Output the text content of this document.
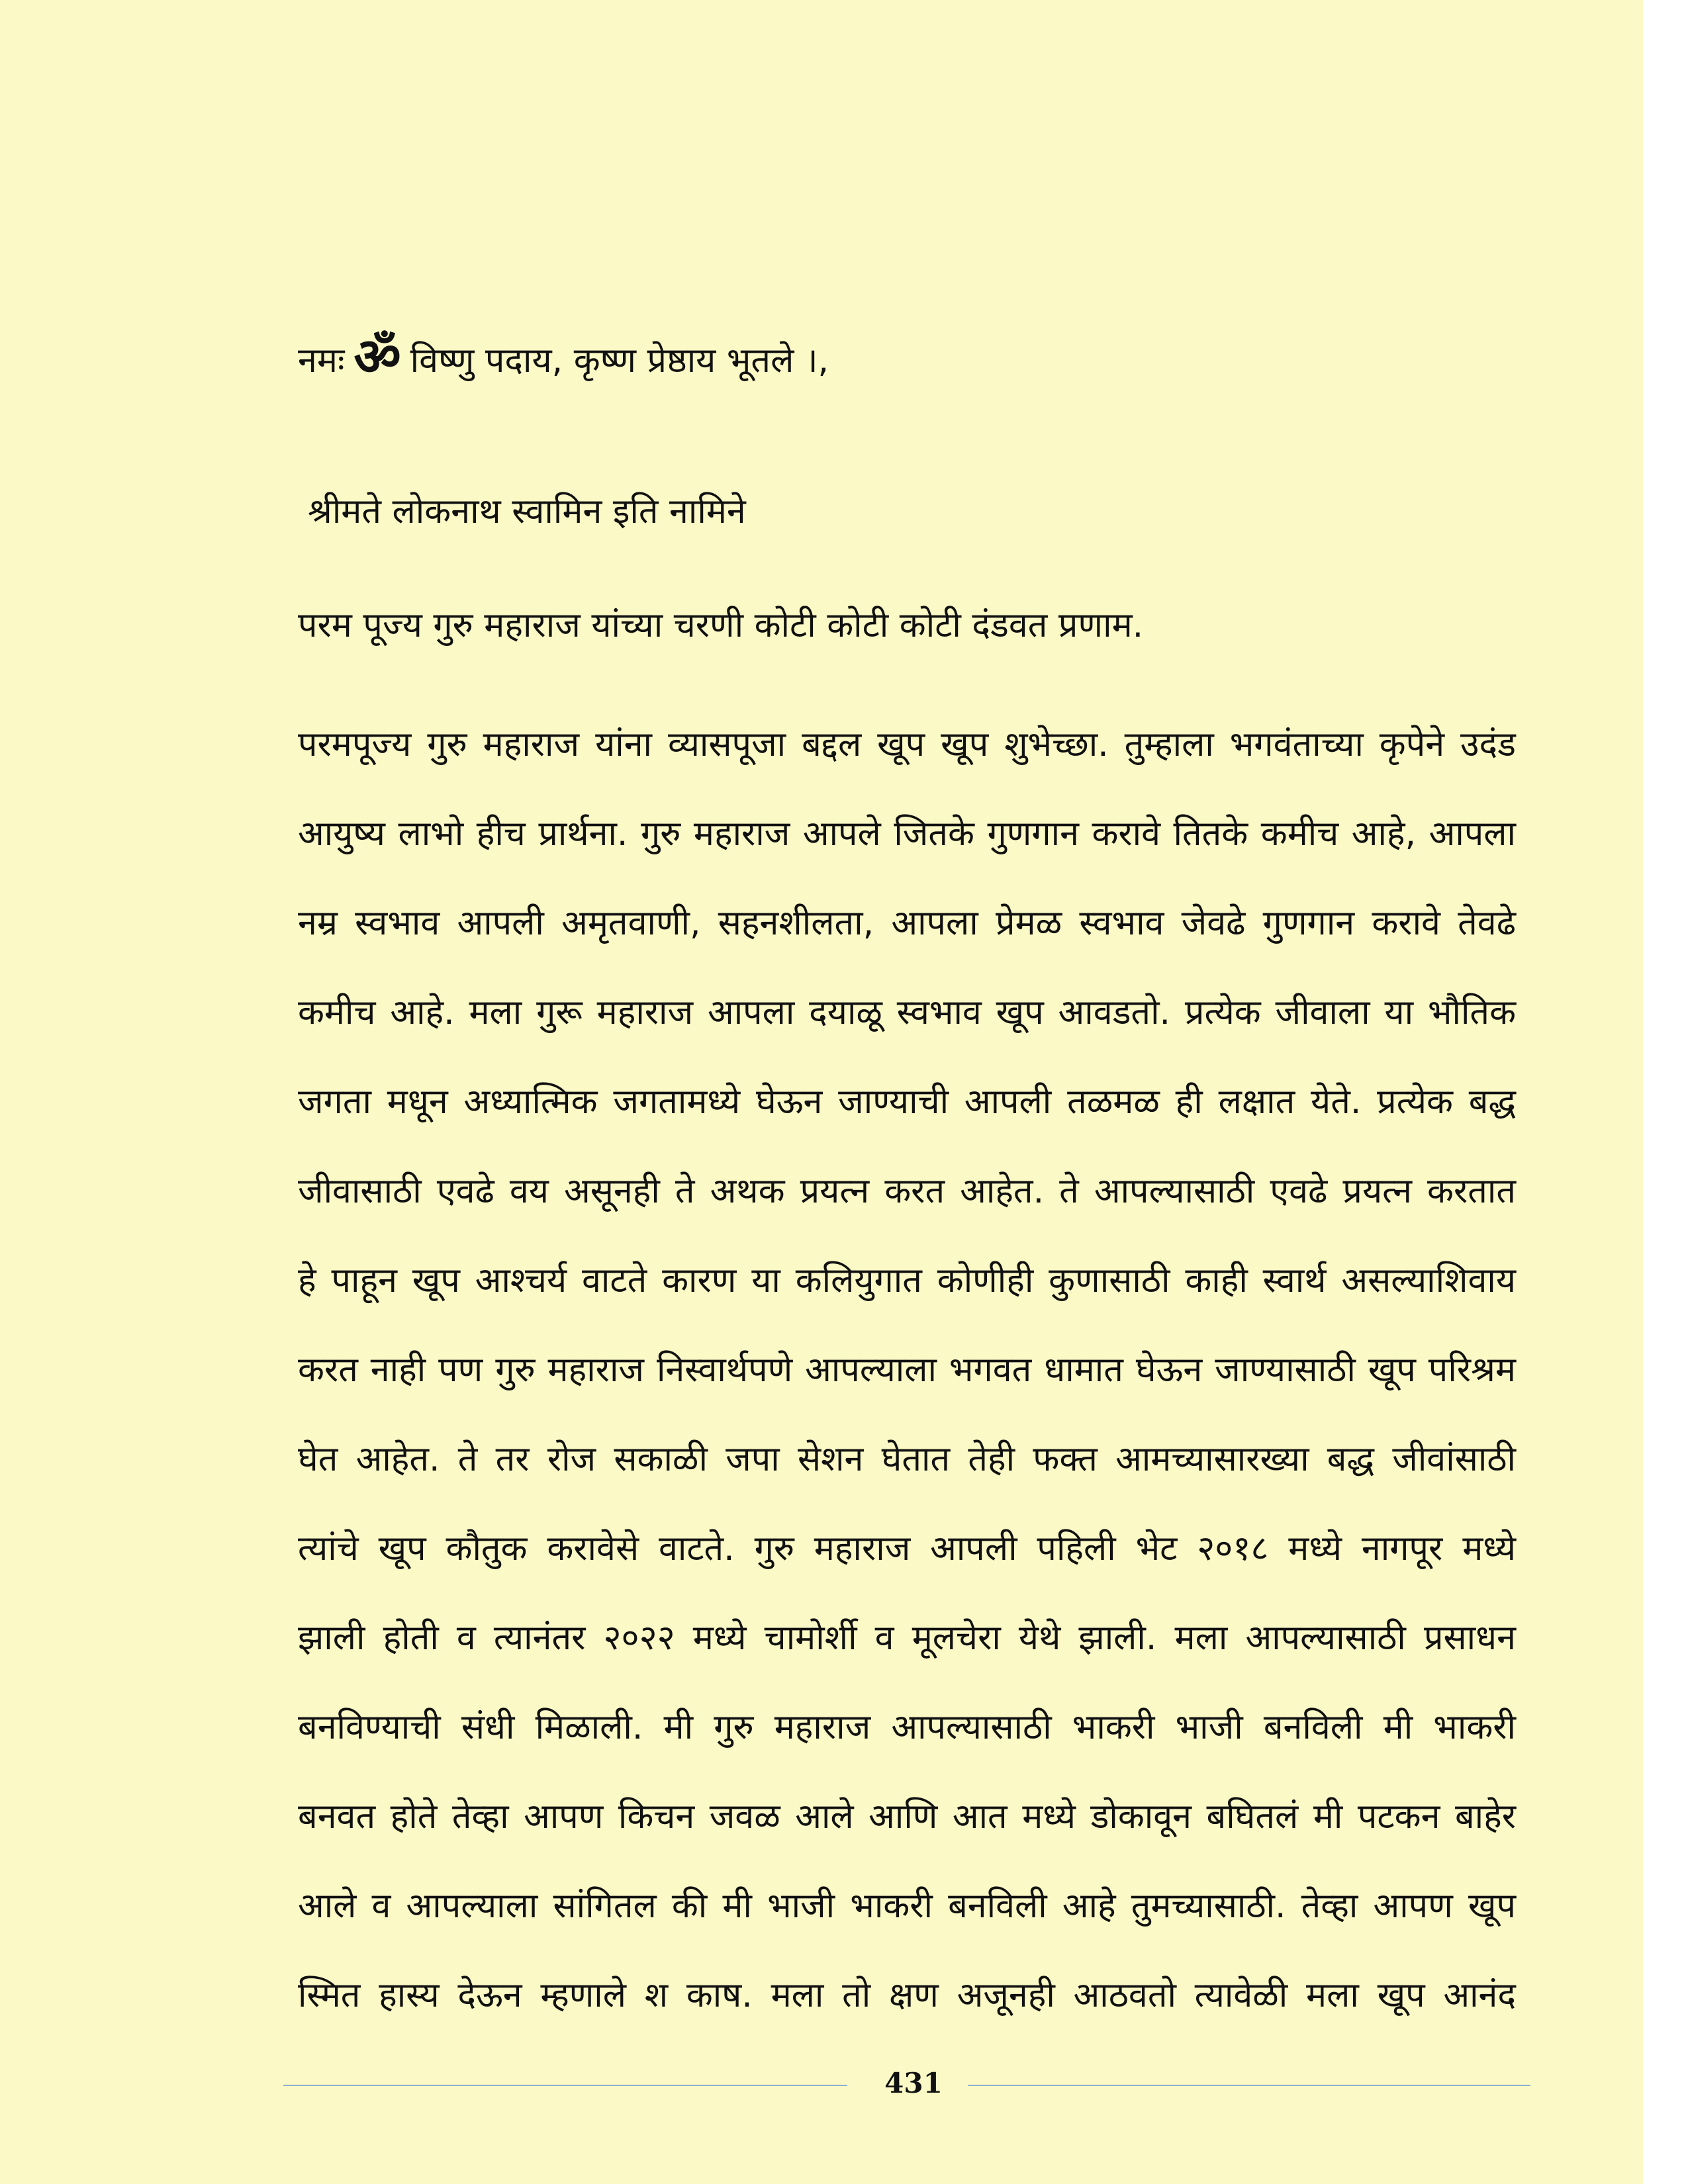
नमः ॐ विष्णु पदाय, कृष्ण प्रेष्ठाय भूतले ।,

श्रीमते लोकनाथ स्वामिन इति नामिने

परम पूज्य गुरु महाराज यांच्या चरणी कोटी कोटी कोटी दंडवत प्रणाम.

परमपूज्य गुरु महाराज यांना व्यासपूजा बद्दल खूप खूप शुभेच्छा. तुम्हाला भगवंताच्या कृपेने उदंड

आयुष्य लाभो हीच प्रार्थना. गुरु महाराज आपले जितके गुणगान करावे तितके कमीच आहे, आपला

नम्र स्वभाव आपली अमृतवाणी, सहनशीलता, आपला प्रेमळ स्वभाव जेवढे गुणगान करावे तेवढे

कमीच आहे. मला गुरू महाराज आपला दयाळू स्वभाव खूप आवडतो. प्रत्येक जीवाला या भौतिक

जगता मधून अध्यात्मिक जगतामध्ये घेऊन जाण्याची आपली तळमळ ही लक्षात येते. प्रत्येक बद्ध

जीवासाठी एवढे वय असूनही ते अथक प्रयत्न करत आहेत. ते आपल्यासाठी एवढे प्रयत्न करतात

हे पाहून खूप आश्चर्य वाटते कारण या कलियुगात कोणीही कुणासाठी काही स्वार्थ असल्याशिवाय

करत नाही पण गुरु महाराज निस्वार्थपणे आपल्याला भगवत धामात घेऊन जाण्यासाठी खूप परिश्रम

घेत आहेत. ते तर रोज सकाळी जपा सेशन घेतात तेही फक्त आमच्यासारख्या बद्ध जीवांसाठी

त्यांचे खूप कौतुक करावेसे वाटते. गुरु महाराज आपली पहिली भेट २०१८ मध्ये नागपूर मध्ये

झाली होती व त्यानंतर २०२२ मध्ये चामोर्शी व मूलचेरा येथे झाली. मला आपल्यासाठी प्रसाधन

बनविण्याची संधी मिळाली. मी गुरु महाराज आपल्यासाठी भाकरी भाजी बनविली मी भाकरी

बनवत होते तेव्हा आपण किचन जवळ आले आणि आत मध्ये डोकावून बघितलं मी पटकन बाहेर

आले व आपल्याला सांगितल की मी भाजी भाकरी बनविली आहे तुमच्यासाठी. तेव्हा आपण खूप

स्मित हास्य देऊन म्हणाले श काष. मला तो क्षण अजूनही आठवतो त्यावेळी मला खूप आनंद

431
